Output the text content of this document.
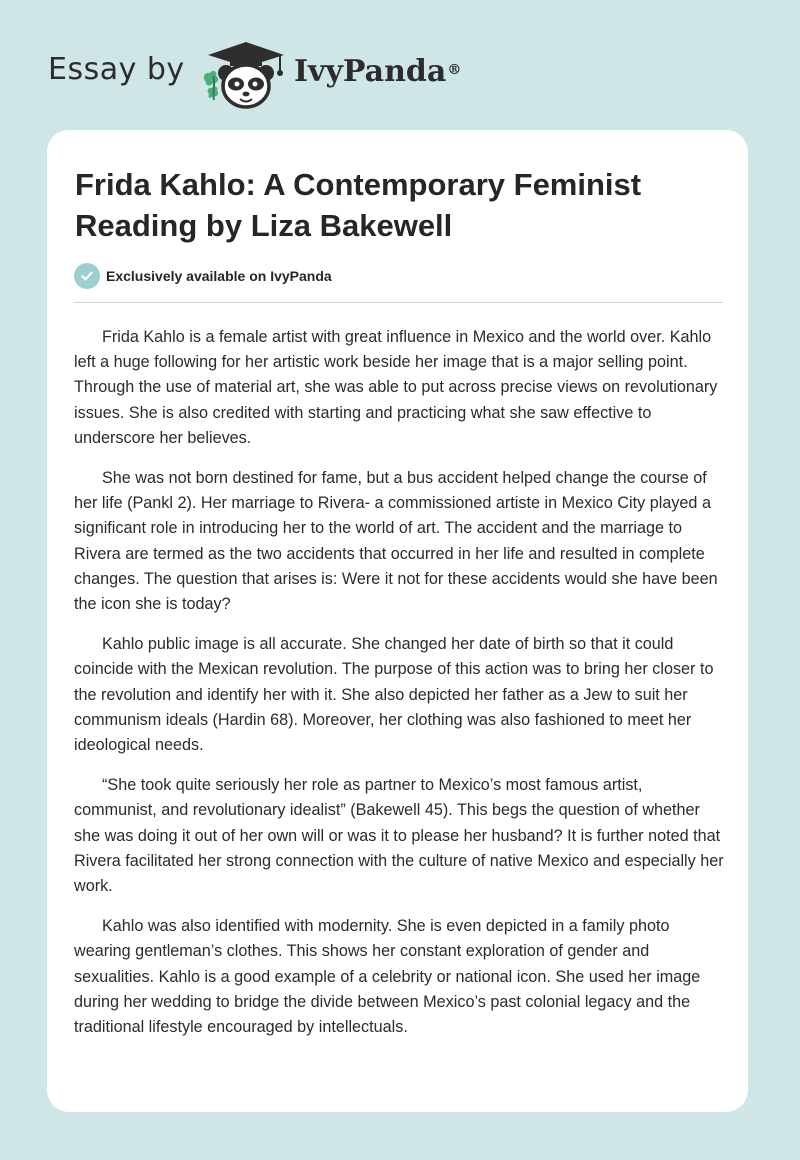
Essay by	IvyPanda®
Frida Kahlo: A Contemporary Feminist Reading by Liza Bakewell
Exclusively available on IvyPanda

Frida Kahlo is a female artist with great influence in Mexico and the world over. Kahlo left a huge following for her artistic work beside her image that is a major selling point. Through the use of material art, she was able to put across precise views on revolutionary issues. She is also credited with starting and practicing what she saw effective to underscore her believes.

She was not born destined for fame, but a bus accident helped change the course of her life (Pankl 2). Her marriage to Rivera- a commissioned artiste in Mexico City played a significant role in introducing her to the world of art. The accident and the marriage to Rivera are termed as the two accidents that occurred in her life and resulted in complete changes. The question that arises is: Were it not for these accidents would she have been the icon she is today?

Kahlo public image is all accurate. She changed her date of birth so that it could coincide with the Mexican revolution. The purpose of this action was to bring her closer to the revolution and identify her with it. She also depicted her father as a Jew to suit her communism ideals (Hardin 68). Moreover, her clothing was also fashioned to meet her ideological needs.

“She took quite seriously her role as partner to Mexico’s most famous artist, communist, and revolutionary idealist” (Bakewell 45). This begs the question of whether she was doing it out of her own will or was it to please her husband? It is further noted that Rivera facilitated her strong connection with the culture of native Mexico and especially her work.

Kahlo was also identified with modernity. She is even depicted in a family photo wearing gentleman’s clothes. This shows her constant exploration of gender and sexualities. Kahlo is a good example of a celebrity or national icon. She used her image during her wedding to bridge the divide between Mexico’s past colonial legacy and the traditional lifestyle encouraged by intellectuals.
